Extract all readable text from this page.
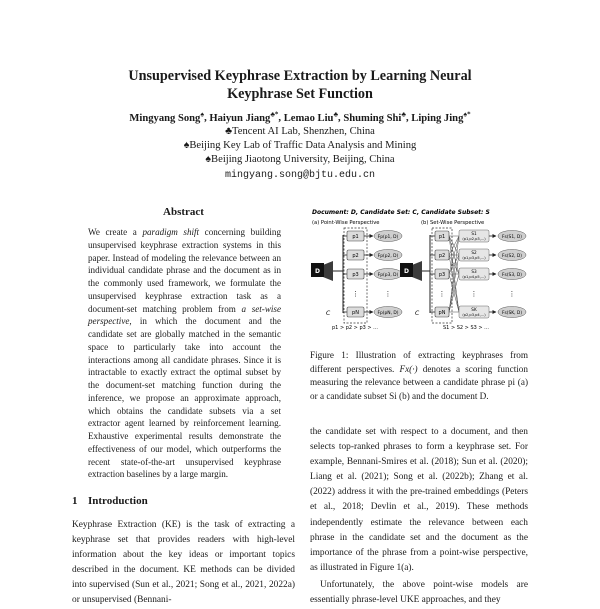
Unsupervised Keyphrase Extraction by Learning Neural
Keyphrase Set Function
Mingyang Song♠, Haiyun Jiang♣*, Lemao Liu♣, Shuming Shi♣, Liping Jing♠*
♣Tencent AI Lab, Shenzhen, China
♠Beijing Key Lab of Traffic Data Analysis and Mining
♠Beijing Jiaotong University, Beijing, China
mingyang.song@bjtu.edu.cn
Abstract

We create a paradigm shift concerning building unsupervised keyphrase extraction systems in this paper. Instead of modeling the relevance between an individual candidate phrase and the document as in the commonly used framework, we formulate the unsupervised keyphrase extraction task as a document-set matching problem from a set-wise perspective, in which the document and the candidate set are globally matched in the semantic space to particularly take into account the interactions among all candidate phrases. Since it is intractable to exactly extract the optimal subset by the document-set matching function during the inference, we propose an approximate approach, which obtains the candidate subsets via a set extractor agent learned by reinforcement learning. Exhaustive experimental results demonstrate the effectiveness of our model, which outperforms the recent state-of-the-art unsupervised keyphrase extraction baselines by a large margin.

1 Introduction

Keyphrase Extraction (KE) is the task of extracting a keyphrase set that provides readers with high-level information about the key ideas or important topics described in the document. KE methods can be divided into supervised (Sun et al., 2021; Song et al., 2021, 2022a) or unsupervised (Bennani-

Document: D, Candidate Set: C, Candidate Subset: S
(a) Point-Wise Perspective	(b) Set-Wise Perspective
D
p1	Fp(p1, D)
p2	Fp(p2, D)
p3	Fp(p3, D)
⋮	⋮
pN	Fp(pN, D)
C
p1 > p2 > p3 > ...
D
p1
S1
(p1,p2,p3,...)	Fs(S1, D)
p2
S2
(p1,p3,p5,...)	Fs(S2, D)
p3
S3
(p1,p4,p5,...)	Fs(S3, D)
⋮	⋮	⋮
pN
SK
(p2,p3,p4,...)	Fs(SK, D)
C
S1 > S2 > S3 > ...

Figure 1: Illustration of extracting keyphrases from different perspectives. Fx(·) denotes a scoring function measuring the relevance between a candidate phrase pi (a) or a candidate subset Si (b) and the document D.

the candidate set with respect to a document, and then selects top-ranked phrases to form a keyphrase set. For example, Bennani-Smires et al. (2018); Sun et al. (2020); Liang et al. (2021); Song et al. (2022b); Zhang et al. (2022) address it with the pre-trained embeddings (Peters et al., 2018; Devlin et al., 2019). These methods independently estimate the relevance between each phrase in the candidate set and the document as the importance of the phrase from a point-wise perspective, as illustrated in Figure 1(a).

Unfortunately, the above point-wise models are essentially phrase-level UKE approaches, and they
